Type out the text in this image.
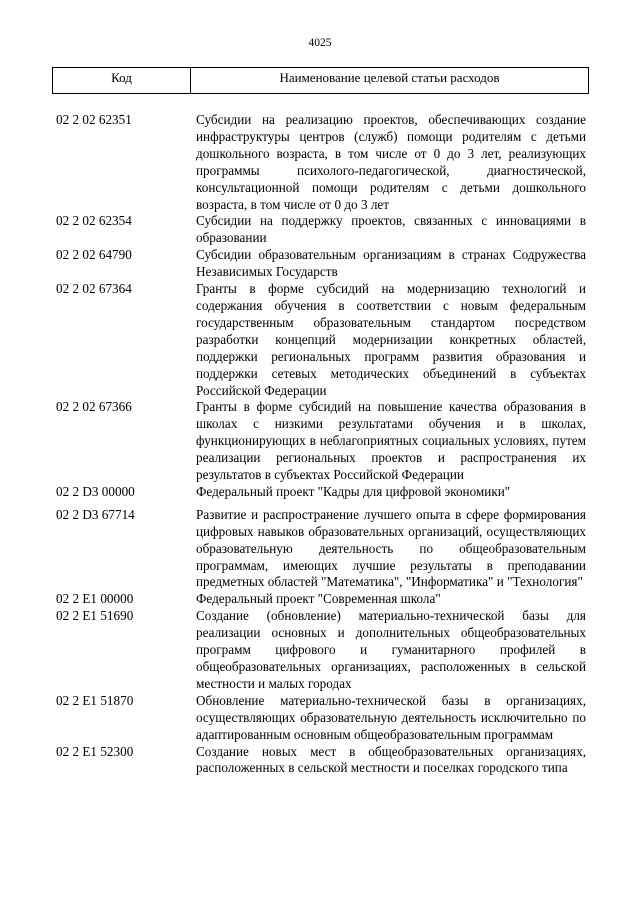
4025
Код	Наименование целевой статьи расходов
02 2 02 62351	Субсидии на реализацию проектов, обеспечивающих создание инфраструктуры центров (служб) помощи родителям с детьми дошкольного возраста, в том числе от 0 до 3 лет, реализующих программы психолого-педагогической, диагностической, консультационной помощи родителям с детьми дошкольного возраста, в том числе от 0 до 3 лет
02 2 02 62354	Субсидии на поддержку проектов, связанных с инновациями в образовании
02 2 02 64790	Субсидии образовательным организациям в странах Содружества Независимых Государств
02 2 02 67364	Гранты в форме субсидий на модернизацию технологий и содержания обучения в соответствии с новым федеральным государственным образовательным стандартом посредством разработки концепций модернизации конкретных областей, поддержки региональных программ развития образования и поддержки сетевых методических объединений в субъектах Российской Федерации
02 2 02 67366	Гранты в форме субсидий на повышение качества образования в школах с низкими результатами обучения и в школах, функционирующих в неблагоприятных социальных условиях, путем реализации региональных проектов и распространения их результатов в субъектах Российской Федерации
02 2 D3 00000	Федеральный проект "Кадры для цифровой экономики"
02 2 D3 67714	Развитие и распространение лучшего опыта в сфере формирования цифровых навыков образовательных организаций, осуществляющих образовательную деятельность по общеобразовательным программам, имеющих лучшие результаты в преподавании предметных областей "Математика", "Информатика" и "Технология"
02 2 E1 00000	Федеральный проект "Современная школа"
02 2 E1 51690	Создание (обновление) материально-технической базы для реализации основных и дополнительных общеобразовательных программ цифрового и гуманитарного профилей в общеобразовательных организациях, расположенных в сельской местности и малых городах
02 2 E1 51870	Обновление материально-технической базы в организациях, осуществляющих образовательную деятельность исключительно по адаптированным основным общеобразовательным программам
02 2 E1 52300	Создание новых мест в общеобразовательных организациях, расположенных в сельской местности и поселках городского типа
